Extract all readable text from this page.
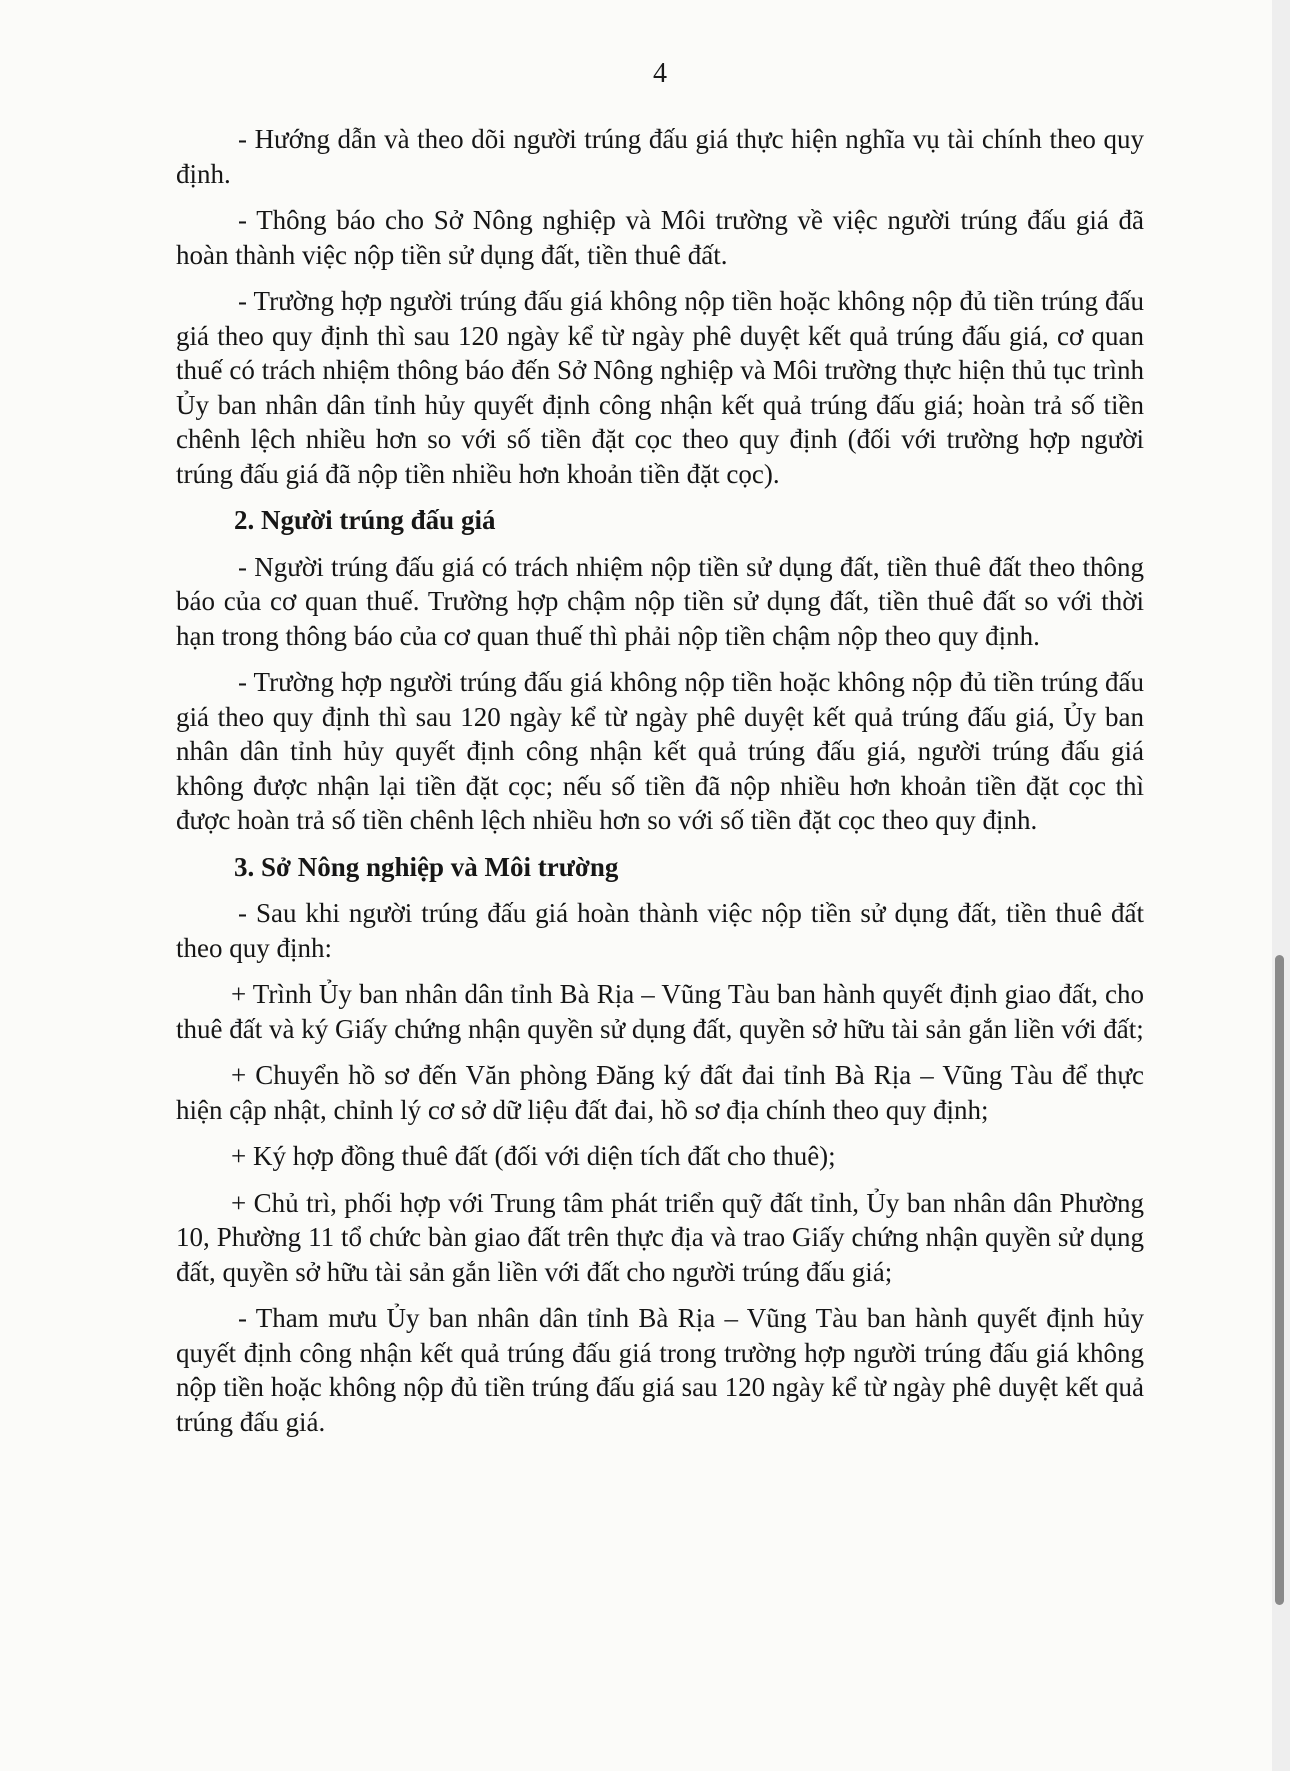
4

- Hướng dẫn và theo dõi người trúng đấu giá thực hiện nghĩa vụ tài chính theo quy định.

- Thông báo cho Sở Nông nghiệp và Môi trường về việc người trúng đấu giá đã hoàn thành việc nộp tiền sử dụng đất, tiền thuê đất.

- Trường hợp người trúng đấu giá không nộp tiền hoặc không nộp đủ tiền trúng đấu giá theo quy định thì sau 120 ngày kể từ ngày phê duyệt kết quả trúng đấu giá, cơ quan thuế có trách nhiệm thông báo đến Sở Nông nghiệp và Môi trường thực hiện thủ tục trình Ủy ban nhân dân tỉnh hủy quyết định công nhận kết quả trúng đấu giá; hoàn trả số tiền chênh lệch nhiều hơn so với số tiền đặt cọc theo quy định (đối với trường hợp người trúng đấu giá đã nộp tiền nhiều hơn khoản tiền đặt cọc).

2. Người trúng đấu giá

- Người trúng đấu giá có trách nhiệm nộp tiền sử dụng đất, tiền thuê đất theo thông báo của cơ quan thuế. Trường hợp chậm nộp tiền sử dụng đất, tiền thuê đất so với thời hạn trong thông báo của cơ quan thuế thì phải nộp tiền chậm nộp theo quy định.

- Trường hợp người trúng đấu giá không nộp tiền hoặc không nộp đủ tiền trúng đấu giá theo quy định thì sau 120 ngày kể từ ngày phê duyệt kết quả trúng đấu giá, Ủy ban nhân dân tỉnh hủy quyết định công nhận kết quả trúng đấu giá, người trúng đấu giá không được nhận lại tiền đặt cọc; nếu số tiền đã nộp nhiều hơn khoản tiền đặt cọc thì được hoàn trả số tiền chênh lệch nhiều hơn so với số tiền đặt cọc theo quy định.

3. Sở Nông nghiệp và Môi trường

- Sau khi người trúng đấu giá hoàn thành việc nộp tiền sử dụng đất, tiền thuê đất theo quy định:

+ Trình Ủy ban nhân dân tỉnh Bà Rịa – Vũng Tàu ban hành quyết định giao đất, cho thuê đất và ký Giấy chứng nhận quyền sử dụng đất, quyền sở hữu tài sản gắn liền với đất;

+ Chuyển hồ sơ đến Văn phòng Đăng ký đất đai tỉnh Bà Rịa – Vũng Tàu để thực hiện cập nhật, chỉnh lý cơ sở dữ liệu đất đai, hồ sơ địa chính theo quy định;

+ Ký hợp đồng thuê đất (đối với diện tích đất cho thuê);

+ Chủ trì, phối hợp với Trung tâm phát triển quỹ đất tỉnh, Ủy ban nhân dân Phường 10, Phường 11 tổ chức bàn giao đất trên thực địa và trao Giấy chứng nhận quyền sử dụng đất, quyền sở hữu tài sản gắn liền với đất cho người trúng đấu giá;

- Tham mưu Ủy ban nhân dân tỉnh Bà Rịa – Vũng Tàu ban hành quyết định hủy quyết định công nhận kết quả trúng đấu giá trong trường hợp người trúng đấu giá không nộp tiền hoặc không nộp đủ tiền trúng đấu giá sau 120 ngày kể từ ngày phê duyệt kết quả trúng đấu giá.
